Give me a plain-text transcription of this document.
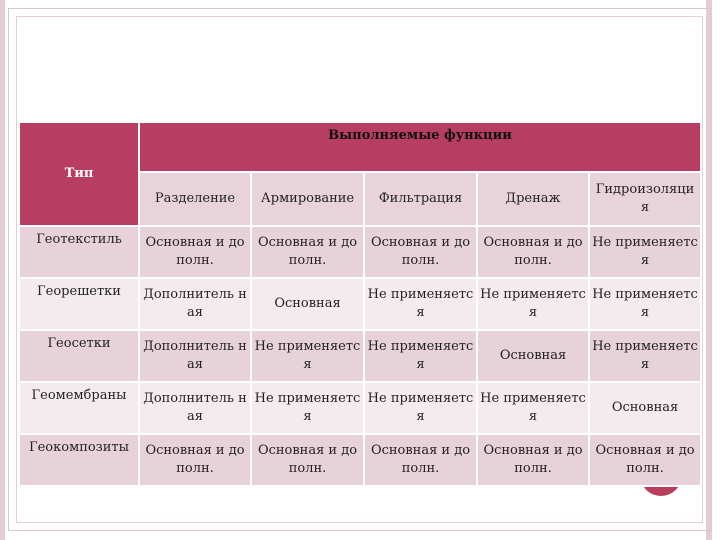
Тип	Выполняемые функции				
	Разделение	Армирование	Фильтрация	Дренаж	Гидроизоляци я
Геотекстиль	Основная и дополн.	Основная и дополн.	Основная и дополн.	Основная и дополн.	Не применяется
Георешетки	Дополнитель ная	Основная	Не применяется	Не применяется	Не применяется
Геосетки	Дополнитель ная	Не применяется	Не применяется	Основная	Не применяется
Геомембраны	Дополнитель ная	Не применяется	Не применяется	Не применяется	Основная
Геокомпозиты	Основная и дополн.	Основная и дополн.	Основная и дополн.	Основная и дополн.	Основная и дополн.
